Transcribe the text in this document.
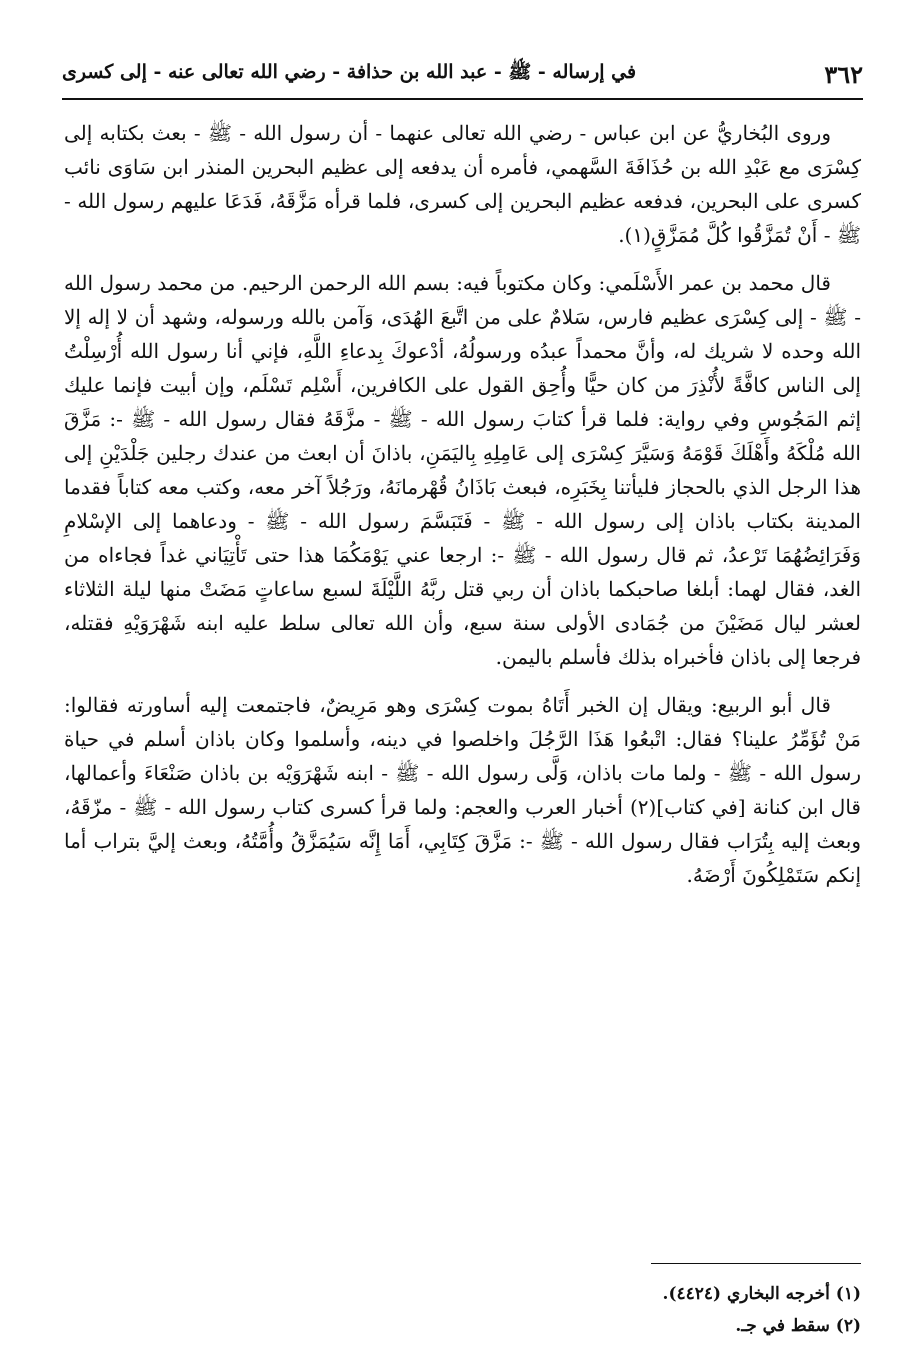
٣٦٢
في إرساله - ﷺ - عبد الله بن حذافة - رضي الله تعالى عنه - إلى كسرى

وروى البُخاريُّ عن ابن عباس - رضي الله تعالى عنهما - أن رسول الله - ﷺ - بعث بكتابه إلى كِسْرَى مع عَبْدِ الله بن حُذَافَةَ السَّهمي، فأمره أن يدفعه إلى عظيم البحرين المنذر ابن سَاوَى نائب كسرى على البحرين، فدفعه عظيم البحرين إلى كسرى، فلما قرأه مَزَّقَهُ، فَدَعَا عليهم رسول الله - ﷺ - أَنْ تُمَزَّقُوا كُلَّ مُمَزَّقٍ(١).

قال محمد بن عمر الأَسْلَمي: وكان مكتوباً فيه: بسم الله الرحمن الرحيم. من محمد رسول الله - ﷺ - إلى كِسْرَى عظيم فارس، سَلامٌ على من اتَّبعَ الهُدَى، وَآمن بالله ورسوله، وشهد أن لا إله إلا الله وحده لا شريك له، وأنَّ محمداً عبدُه ورسولُهُ، أدْعوكَ بِدعاءِ اللَّهِ، فإني أنا رسول الله أُرْسِلْتُ إلى الناس كافَّةً لأُنْذِرَ من كان حيًّا وأُحِق القول على الكافرين، أَسْلِم تَسْلَم، وإن أبيت فإنما عليك إثم المَجُوسِ وفي رواية: فلما قرأ كتابَ رسول الله - ﷺ - مزَّقَهُ فقال رسول الله - ﷺ -: مَزَّقَ الله مُلْكَهُ وأَهْلَكَ قَوْمَهُ وَسَيَّرَ كِسْرَى إلى عَامِلِهِ بِاليَمَنِ، باذانَ أن ابعث من عندك رجلين جَلْدَيْنِ إلى هذا الرجل الذي بالحجاز فليأتنا بِخَبَرِه، فبعث بَاذَانُ قُهْرمانَهُ، ورَجُلاً آخر معه، وكتب معه كتاباً فقدما المدينة بكتاب باذان إلى رسول الله - ﷺ - فَتَبَسَّمَ رسول الله - ﷺ - ودعاهما إلى الإسْلامِ وَفَرَائِضُهُمَا تَرْعدُ، ثم قال رسول الله - ﷺ -: ارجعا عني يَوْمَكُمَا هذا حتى تَأْتِيَاني غداً فجاءاه من الغد، فقال لهما: أبلغا صاحبكما باذان أن ربي قتل ربَّهُ اللَّيْلَةَ لسبع ساعاتٍ مَضَتْ منها ليلة الثلاثاء لعشر ليال مَضَيْنَ من جُمَادى الأولى سنة سبع، وأن الله تعالى سلط عليه ابنه شَهْرَوَيْهِ فقتله، فرجعا إلى باذان فأخبراه بذلك فأسلم باليمن.

قال أبو الربيع: ويقال إن الخبر أَتَاهُ بموت كِسْرَى وهو مَرِيضٌ، فاجتمعت إليه أساورته فقالوا: مَنْ تُؤَمِّرُ علينا؟ فقال: اتْبعُوا هَذَا الرَّجُلَ واخلصوا في دينه، وأسلموا وكان باذان أسلم في حياة رسول الله - ﷺ - ولما مات باذان، وَلَّى رسول الله - ﷺ - ابنه شَهْرَوَيْه بن باذان صَنْعَاءَ وأعمالها، قال ابن كنانة [في كتاب](٢) أخبار العرب والعجم: ولما قرأ كسرى كتاب رسول الله - ﷺ - مزّقَهُ، وبعث إليه بِتُرَاب فقال رسول الله - ﷺ -: مَزَّقَ كِتَابِي، أَمَا إِنَّه سَيُمَزَّقُ وأُمَّتُهُ، وبعث إليَّ بتراب أما إنكم سَتَمْلِكُونَ أَرْضَهُ.

(١) أخرجه البخاري (٤٤٢٤).
(٢) سقط في جـ.
